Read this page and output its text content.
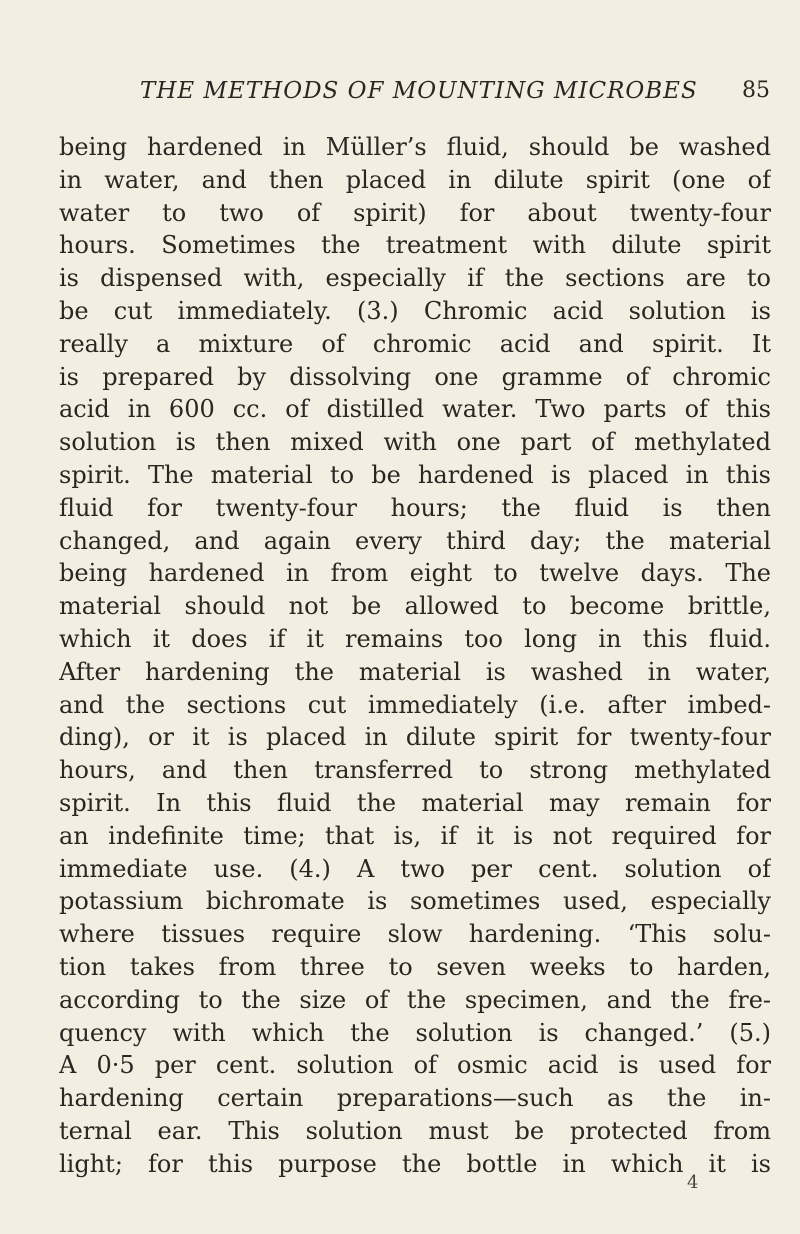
THE METHODS OF MOUNTING MICROBES 85
being hardened in Müller’s fluid, should be washed
in water, and then placed in dilute spirit (one of
water to two of spirit) for about twenty-four
hours. Sometimes the treatment with dilute spirit
is dispensed with, especially if the sections are to
be cut immediately. (3.) Chromic acid solution is
really a mixture of chromic acid and spirit. It
is prepared by dissolving one gramme of chromic
acid in 600 cc. of distilled water. Two parts of this
solution is then mixed with one part of methylated
spirit. The material to be hardened is placed in this
fluid for twenty-four hours; the fluid is then
changed, and again every third day; the material
being hardened in from eight to twelve days. The
material should not be allowed to become brittle,
which it does if it remains too long in this fluid.
After hardening the material is washed in water,
and the sections cut immediately (i.e. after imbed-
ding), or it is placed in dilute spirit for twenty-four
hours, and then transferred to strong methylated
spirit. In this fluid the material may remain for
an indefinite time; that is, if it is not required for
immediate use. (4.) A two per cent. solution of
potassium bichromate is sometimes used, especially
where tissues require slow hardening. ‘This solu-
tion takes from three to seven weeks to harden,
according to the size of the specimen, and the fre-
quency with which the solution is changed.’ (5.)
A 0·5 per cent. solution of osmic acid is used for
hardening certain preparations—such as the in-
ternal ear. This solution must be protected from
light; for this purpose the bottle in which it is
4
